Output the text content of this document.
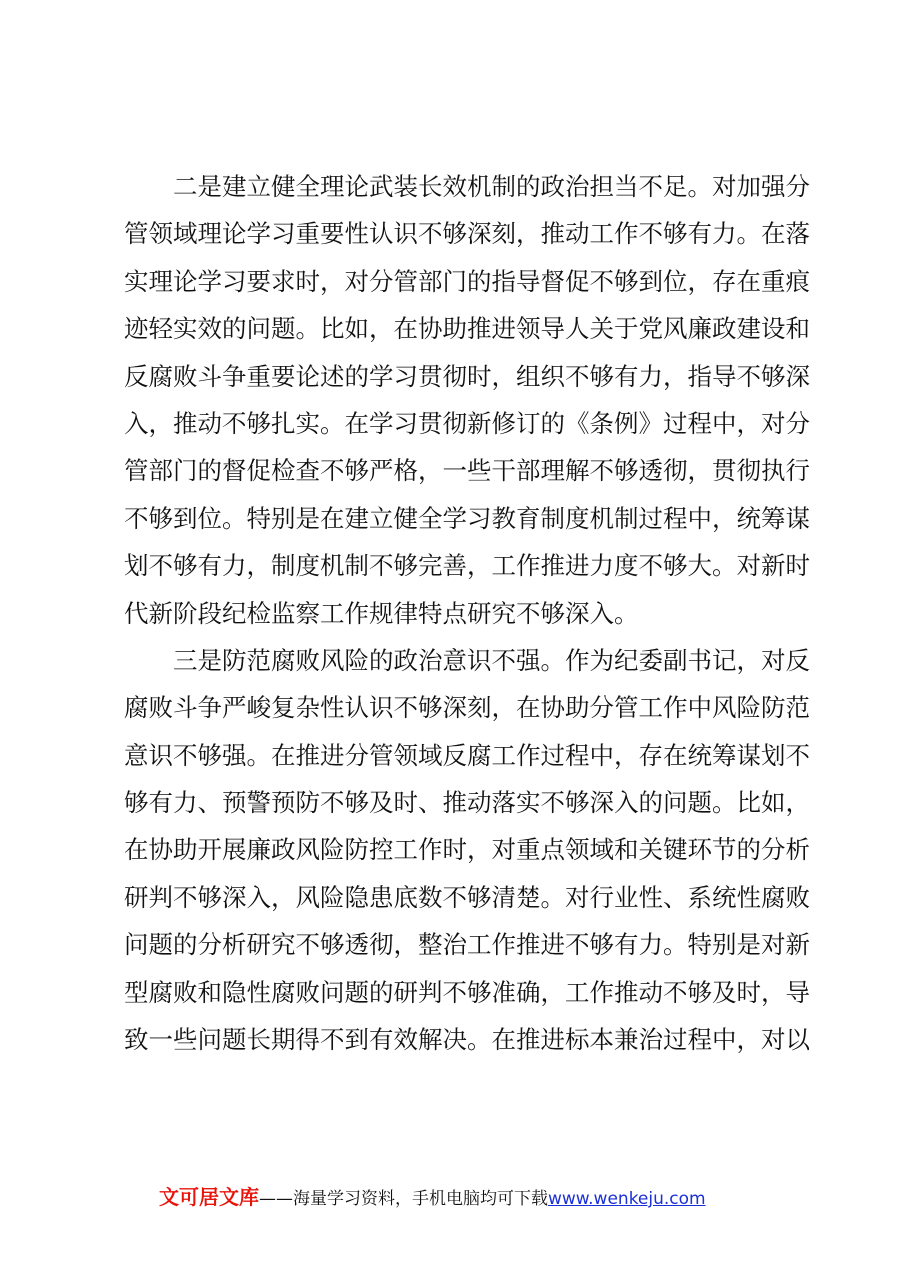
二是建立健全理论武装长效机制的政治担当不足。对加强分
管领域理论学习重要性认识不够深刻，推动工作不够有力。在落
实理论学习要求时，对分管部门的指导督促不够到位，存在重痕
迹轻实效的问题。比如，在协助推进领导人关于党风廉政建设和
反腐败斗争重要论述的学习贯彻时，组织不够有力，指导不够深
入，推动不够扎实。在学习贯彻新修订的《条例》过程中，对分
管部门的督促检查不够严格，一些干部理解不够透彻，贯彻执行
不够到位。特别是在建立健全学习教育制度机制过程中，统筹谋
划不够有力，制度机制不够完善，工作推进力度不够大。对新时
代新阶段纪检监察工作规律特点研究不够深入。
三是防范腐败风险的政治意识不强。作为纪委副书记，对反
腐败斗争严峻复杂性认识不够深刻，在协助分管工作中风险防范
意识不够强。在推进分管领域反腐工作过程中，存在统筹谋划不
够有力、预警预防不够及时、推动落实不够深入的问题。比如，
在协助开展廉政风险防控工作时，对重点领域和关键环节的分析
研判不够深入，风险隐患底数不够清楚。对行业性、系统性腐败
问题的分析研究不够透彻，整治工作推进不够有力。特别是对新
型腐败和隐性腐败问题的研判不够准确，工作推动不够及时，导
致一些问题长期得不到有效解决。在推进标本兼治过程中，对以
文可居文库——海量学习资料，手机电脑均可下载www.wenkeju.com
